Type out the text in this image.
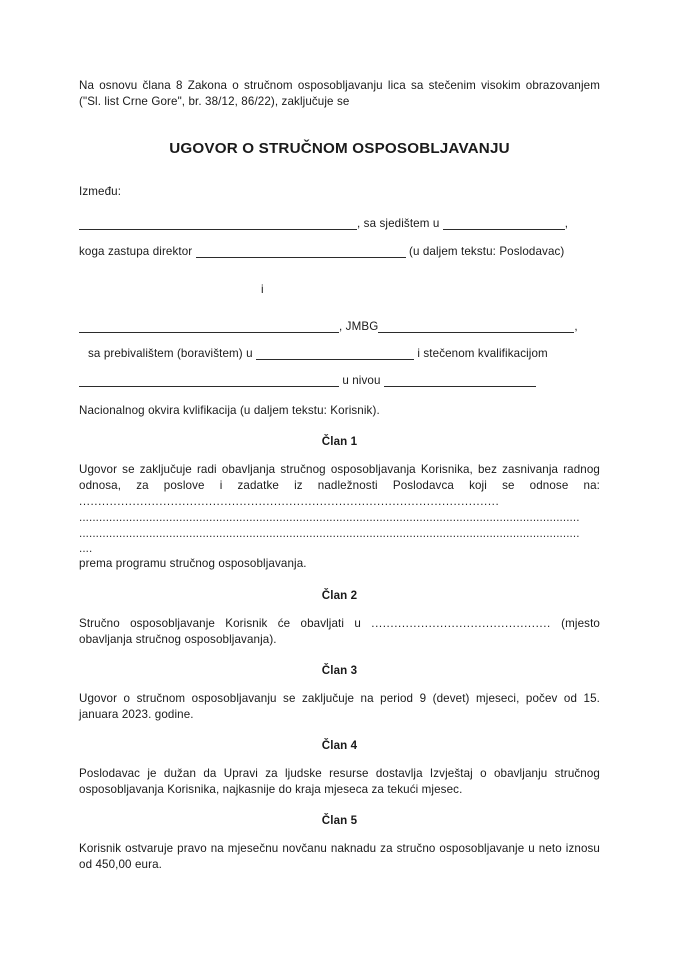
Na osnovu člana 8 Zakona o stručnom osposobljavanju lica sa stečenim visokim obrazovanjem ("Sl. list Crne Gore", br. 38/12, 86/22), zaključuje se

UGOVOR O STRUČNOM OSPOSOBLJAVANJU

Između:

, sa sjedištem u	,

koga zastupa direktor	(u daljem tekstu: Poslodavac)

i

, JMBG	,

sa prebivalištem (boravištem) u	i stečenom kvalifikacijom

u nivou

Nacionalnog okvira kvlifikacija (u daljem tekstu: Korisnik).

Član 1

Ugovor se zaključuje radi obavljanja stručnog osposobljavanja Korisnika, bez zasnivanja radnog odnosa, za poslove i zadatke iz nadležnosti Poslodavca koji se odnose na: ..............................................................................................................

......................................................................................................................................................

......................................................................................................................................................

....

prema programu stručnog osposobljavanja.

Član 2

Stručno osposobljavanje Korisnik će obavljati u ............................................... (mjesto obavljanja stručnog osposobljavanja).

Član 3

Ugovor o stručnom osposobljavanju se zaključuje na period 9 (devet) mjeseci, počev od 15. januara 2023. godine.

Član 4

Poslodavac je dužan da Upravi za ljudske resurse dostavlja Izvještaj o obavljanju stručnog osposobljavanja Korisnika, najkasnije do kraja mjeseca za tekući mjesec.

Član 5

Korisnik ostvaruje pravo na mjesečnu novčanu naknadu za stručno osposobljavanje u neto iznosu od 450,00 eura.
